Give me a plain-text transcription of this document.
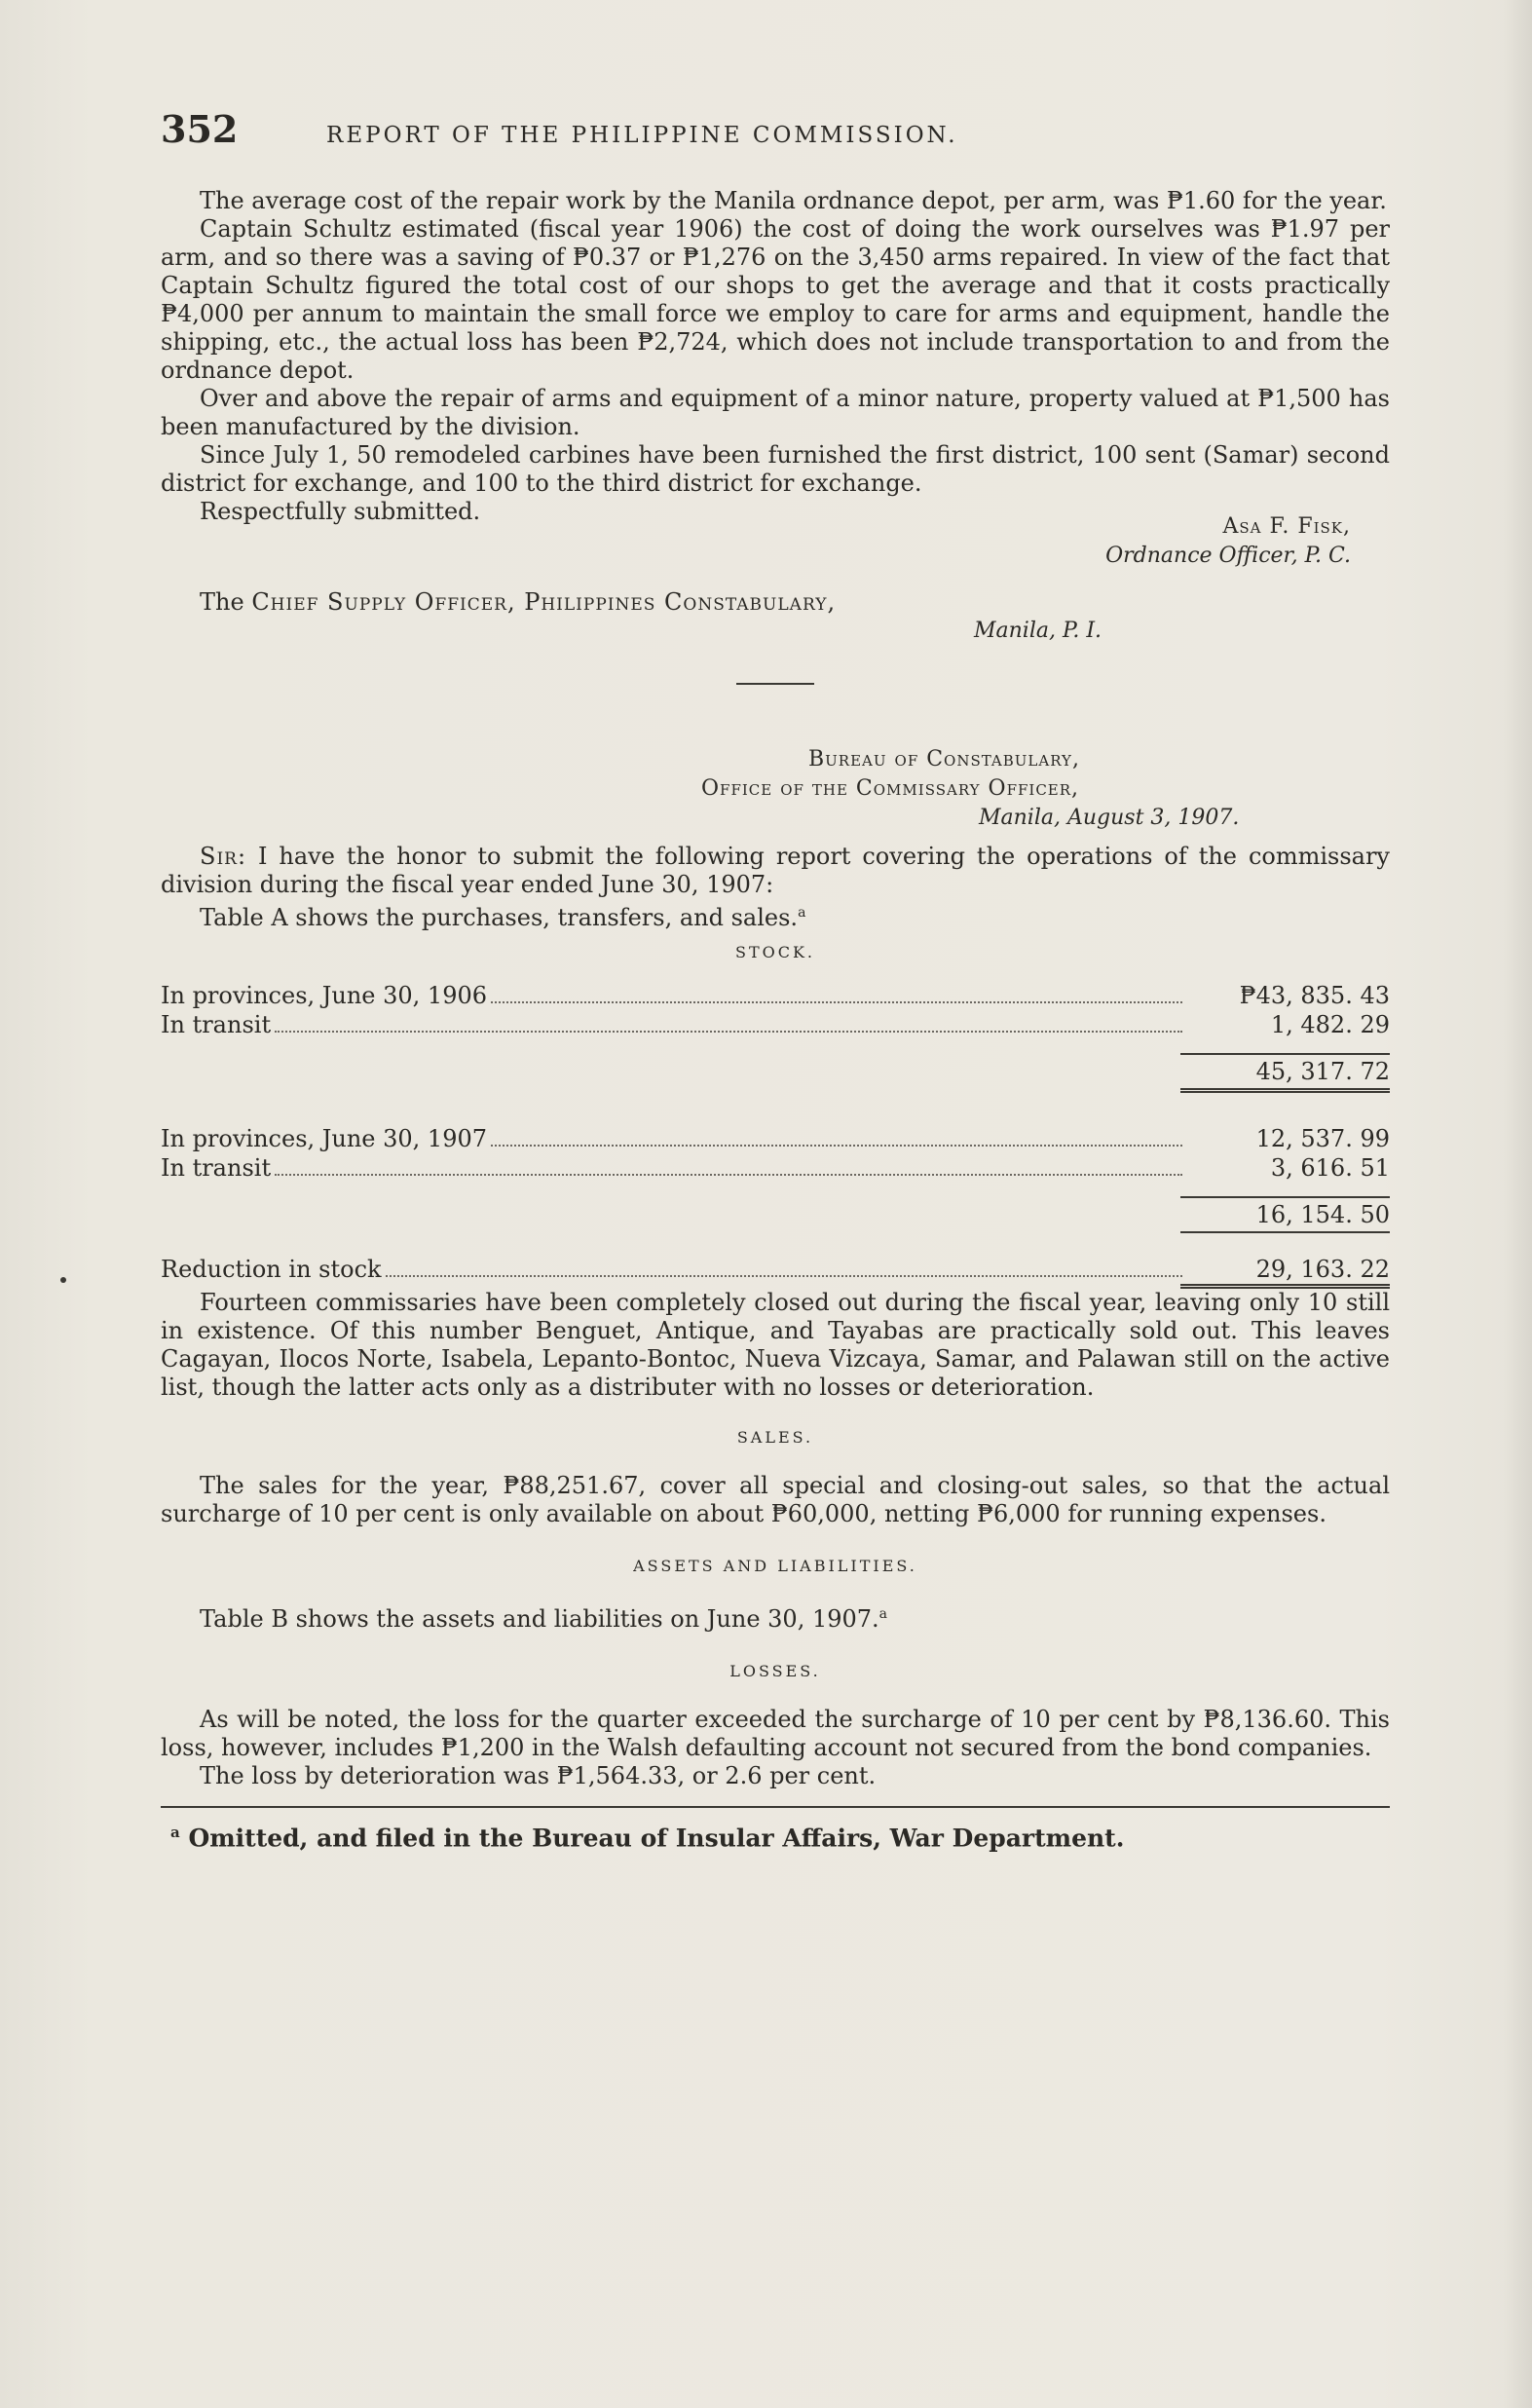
352	REPORT OF THE PHILIPPINE COMMISSION.

The average cost of the repair work by the Manila ordnance depot, per arm, was ₱1.60 for the year.

Captain Schultz estimated (fiscal year 1906) the cost of doing the work ourselves was ₱1.97 per arm, and so there was a saving of ₱0.37 or ₱1,276 on the 3,450 arms repaired. In view of the fact that Captain Schultz figured the total cost of our shops to get the average and that it costs practically ₱4,000 per annum to maintain the small force we employ to care for arms and equipment, handle the shipping, etc., the actual loss has been ₱2,724, which does not include transportation to and from the ordnance depot.

Over and above the repair of arms and equipment of a minor nature, property valued at ₱1,500 has been manufactured by the division.

Since July 1, 50 remodeled carbines have been furnished the first district, 100 sent (Samar) second district for exchange, and 100 to the third district for exchange.

Respectfully submitted.

Asa F. Fisk,
Ordnance Officer, P. C.

The Chief Supply Officer, Philippines Constabulary,

Manila, P. I.
Bureau of Constabulary,
Office of the Commissary Officer,
Manila, August 3, 1907.

Sir: I have the honor to submit the following report covering the operations of the commissary division during the fiscal year ended June 30, 1907:

Table A shows the purchases, transfers, and sales.$^a$

STOCK.
In provinces, June 30, 1906	₱43, 835. 43
In transit	1, 482. 29
45, 317. 72
In provinces, June 30, 1907	12, 537. 99
In transit	3, 616. 51
16, 154. 50
Reduction in stock	29, 163. 22

Fourteen commissaries have been completely closed out during the fiscal year, leaving only 10 still in existence. Of this number Benguet, Antique, and Tayabas are practically sold out. This leaves Cagayan, Ilocos Norte, Isabela, Lepanto-Bontoc, Nueva Vizcaya, Samar, and Palawan still on the active list, though the latter acts only as a distributer with no losses or deterioration.

SALES.

The sales for the year, ₱88,251.67, cover all special and closing-out sales, so that the actual surcharge of 10 per cent is only available on about ₱60,000, netting ₱6,000 for running expenses.

ASSETS AND LIABILITIES.

Table B shows the assets and liabilities on June 30, 1907.$^a$

LOSSES.

As will be noted, the loss for the quarter exceeded the surcharge of 10 per cent by ₱8,136.60. This loss, however, includes ₱1,200 in the Walsh defaulting account not secured from the bond companies.

The loss by deterioration was ₱1,564.33, or 2.6 per cent.

$^a$ Omitted, and filed in the Bureau of Insular Affairs, War Department.
